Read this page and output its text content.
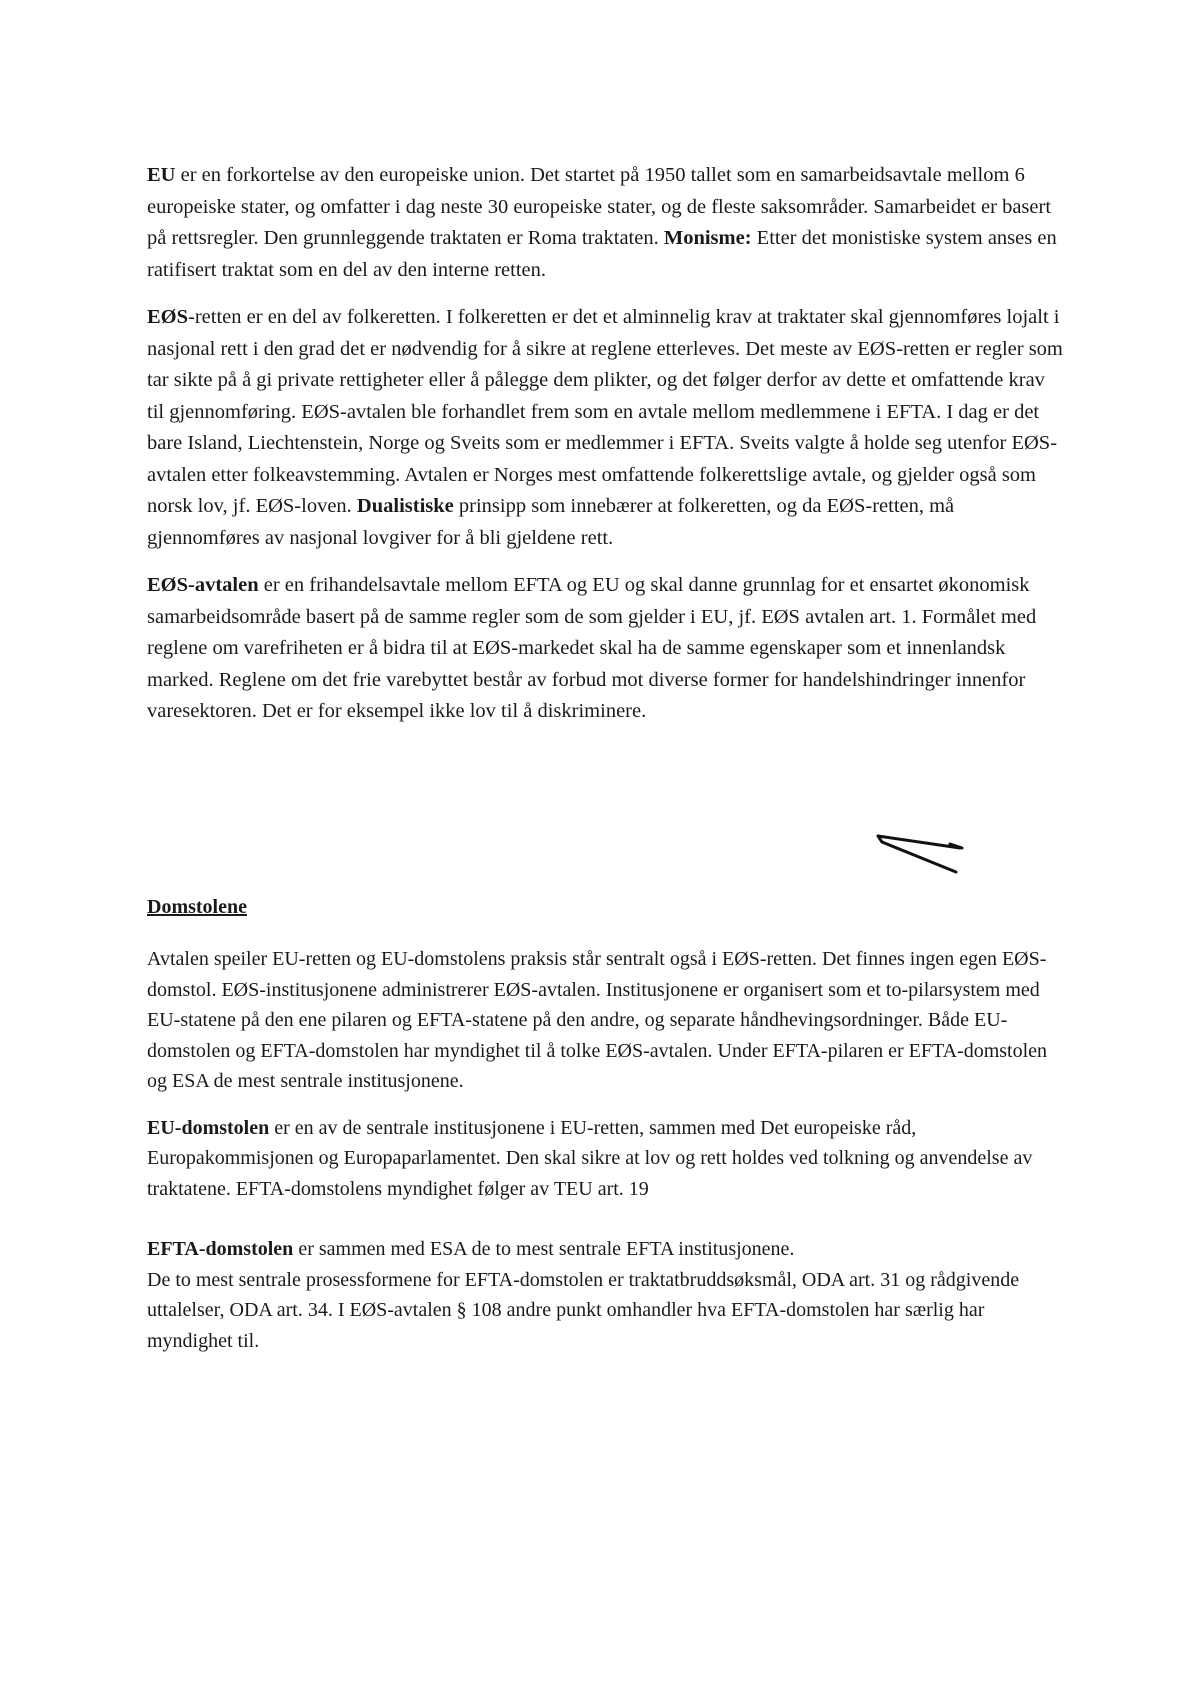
EU er en forkortelse av den europeiske union. Det startet på 1950 tallet som en samarbeidsavtale mellom 6 europeiske stater, og omfatter i dag neste 30 europeiske stater, og de fleste saksområder. Samarbeidet er basert på rettsregler. Den grunnleggende traktaten er Roma traktaten. Monisme: Etter det monistiske system anses en ratifisert traktat som en del av den interne retten.

EØS-retten er en del av folkeretten. I folkeretten er det et alminnelig krav at traktater skal gjennomføres lojalt i nasjonal rett i den grad det er nødvendig for å sikre at reglene etterleves. Det meste av EØS-retten er regler som tar sikte på å gi private rettigheter eller å pålegge dem plikter, og det følger derfor av dette et omfattende krav til gjennomføring. EØS-avtalen ble forhandlet frem som en avtale mellom medlemmene i EFTA. I dag er det bare Island, Liechtenstein, Norge og Sveits som er medlemmer i EFTA. Sveits valgte å holde seg utenfor EØS-avtalen etter folkeavstemming. Avtalen er Norges mest omfattende folkerettslige avtale, og gjelder også som norsk lov, jf. EØS-loven. Dualistiske prinsipp som innebærer at folkeretten, og da EØS-retten, må gjennomføres av nasjonal lovgiver for å bli gjeldene rett.

EØS-avtalen er en frihandelsavtale mellom EFTA og EU og skal danne grunnlag for et ensartet økonomisk samarbeidsområde basert på de samme regler som de som gjelder i EU, jf. EØS avtalen art. 1. Formålet med reglene om varefriheten er å bidra til at EØS-markedet skal ha de samme egenskaper som et innenlandsk marked. Reglene om det frie varebyttet består av forbud mot diverse former for handelshindringer innenfor varesektoren. Det er for eksempel ikke lov til å diskriminere.

Domstolene

Avtalen speiler EU-retten og EU-domstolens praksis står sentralt også i EØS-retten. Det finnes ingen egen EØS-domstol. EØS-institusjonene administrerer EØS-avtalen. Institusjonene er organisert som et to-pilarsystem med EU-statene på den ene pilaren og EFTA-statene på den andre, og separate håndhevingsordninger. Både EU-domstolen og EFTA-domstolen har myndighet til å tolke EØS-avtalen. Under EFTA-pilaren er EFTA-domstolen og ESA de mest sentrale institusjonene.

EU-domstolen er en av de sentrale institusjonene i EU-retten, sammen med Det europeiske råd, Europakommisjonen og Europaparlamentet. Den skal sikre at lov og rett holdes ved tolkning og anvendelse av traktatene. EFTA-domstolens myndighet følger av TEU art. 19

EFTA-domstolen er sammen med ESA de to mest sentrale EFTA institusjonene.
De to mest sentrale prosessformene for EFTA-domstolen er traktatbruddsøksmål, ODA art. 31 og rådgivende uttalelser, ODA art. 34. I EØS-avtalen § 108 andre punkt omhandler hva EFTA-domstolen har særlig har myndighet til.
